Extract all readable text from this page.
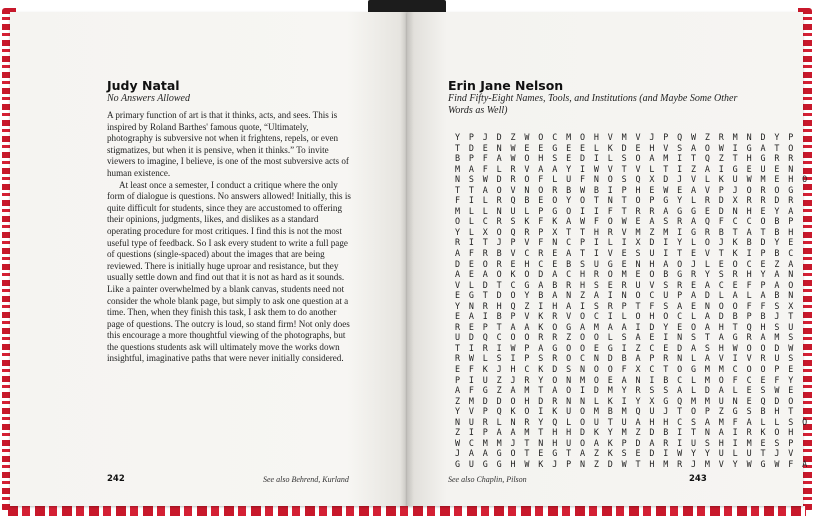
Judy Natal
No Answers Allowed

A primary function of art is that it thinks, acts, and sees. This is inspired by Roland Barthes' famous quote, “Ultimately, photography is subversive not when it frightens, repels, or even stigmatizes, but when it is pensive, when it thinks.” To invite viewers to imagine, I believe, is one of the most subversive acts of human existence.

At least once a semester, I conduct a critique where the only form of dialogue is questions. No answers allowed! Initially, this is quite difficult for students, since they are accustomed to offering their opinions, judgments, likes, and dislikes as a standard operating procedure for most critiques. I find this is not the most useful type of feedback. So I ask every student to write a full page of questions (single-spaced) about the images that are being reviewed. There is initially huge uproar and resistance, but they usually settle down and find out that it is not as hard as it sounds. Like a painter overwhelmed by a blank canvas, students need not consider the whole blank page, but simply to ask one question at a time. Then, when they finish this task, I ask them to do another page of questions. The outcry is loud, so stand firm! Not only does this encourage a more thoughtful viewing of the photographs, but the questions students ask will ultimately move the works down insightful, imaginative paths that were never initially considered.

242	See also Behrend, Kurland
Erin Jane Nelson
Find Fifty-Eight Names, Tools, and Institutions (and Maybe Some Other Words as Well)
243
See also Chaplin, Pilson
Y P J D Z W O C M O H V M V J P Q W Z R M N D Y P
T D E N W E E G E E L K D E H V S A O W I G A T O
B P F A W O H S E D I L S O A M I T Q Z T H G R R
M A F L R V A A Y I W V T V L T I Z A I G E U E N
N S W D R O F L U F N O S Q X D J V L K U W M E H O
T T A O V N O R B W B I P H E W E A V P J O R O G
F I L R Q B E O Y O T N T O P G Y L R D X R R D R
M L L N U L P G O I I F T R R A G G E D N H E Y A
O L C R S K F K A W F O W E A S R A Q F C C O B P
Y L X O Q R P X T T H R V M Z M I G R B T A T B H
R I T J P V F N C P I L I X D I Y L O J K B D Y E
A F R B V C R E A T I V E S U I T E V T K I P B C
D E O R E H C E B S U G E N H A O J L E O C E Z A
A E A O K O D A C H R O M E O B G R Y S R H Y A N
V L D T C G A B R H S E R U V S R E A C E F P A O
E G T D O Y B A N Z A I N O C U P A D L A L A B N
Y N R H Q Z I H A I S R P T F S A E N O O F F S X
E A I B P V K R V O C I L O H O C L A D B P B J T
R E P T A A K O G A M A A I D Y E O A H T Q H S U
U D Q C O O R R Z O O L S A E I N S T A G R A M S
T I R I W P A G O O E G I Z C E D A S H W O O D W
R W L S I P S R O C N D B A P R N L A V I V R U S
E F K J H C K D S N O O F X C T O G M M C O O P E
P I U Z J R Y O N M O E A N I B C L M O F C E F Y
A F G Z A M T A O I D M Y R S S A L D A L E S W E
Z M D D O H D R N N L K I Y X G Q M M U N E Q D O
Y V P Q K O I K U O M B M Q U J T O P Z G S B H T
N U R L N R Y Q L O U T U A H H C S A M F A L L S O
Z I P A A M T H H D K Y M Z D B I T N A I R K O H
W C M M J T N H U O A K P D A R I U S H I M E S P
J A A G O T E G T A Z K S E D I W Y Y U L U T J V
G U G G H W K J P N Z D W T H M R J M V Y W G W F A
